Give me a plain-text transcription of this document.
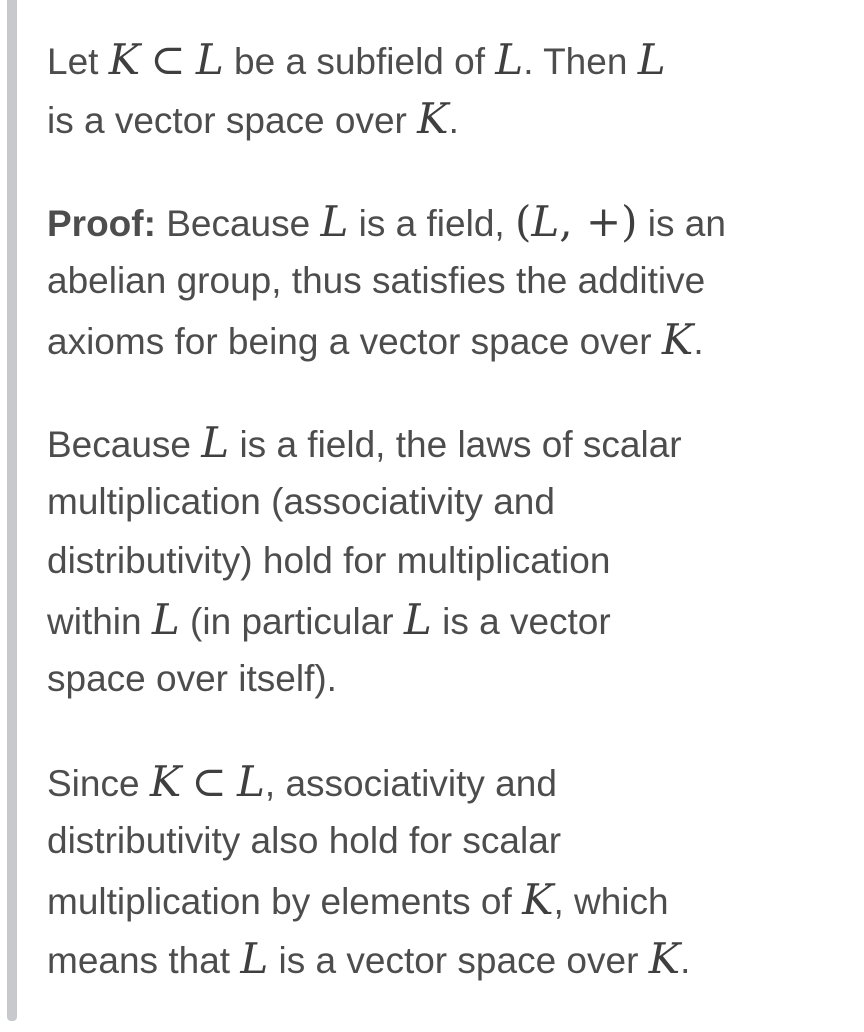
Let K ⊂ L be a subfield of L. Then L
is a vector space over K.

Proof: Because L is a field, (L, +) is an
abelian group, thus satisfies the additive
axioms for being a vector space over K.

Because L is a field, the laws of scalar
multiplication (associativity and
distributivity) hold for multiplication
within L (in particular L is a vector
space over itself).

Since K ⊂ L, associativity and
distributivity also hold for scalar
multiplication by elements of K, which
means that L is a vector space over K.
